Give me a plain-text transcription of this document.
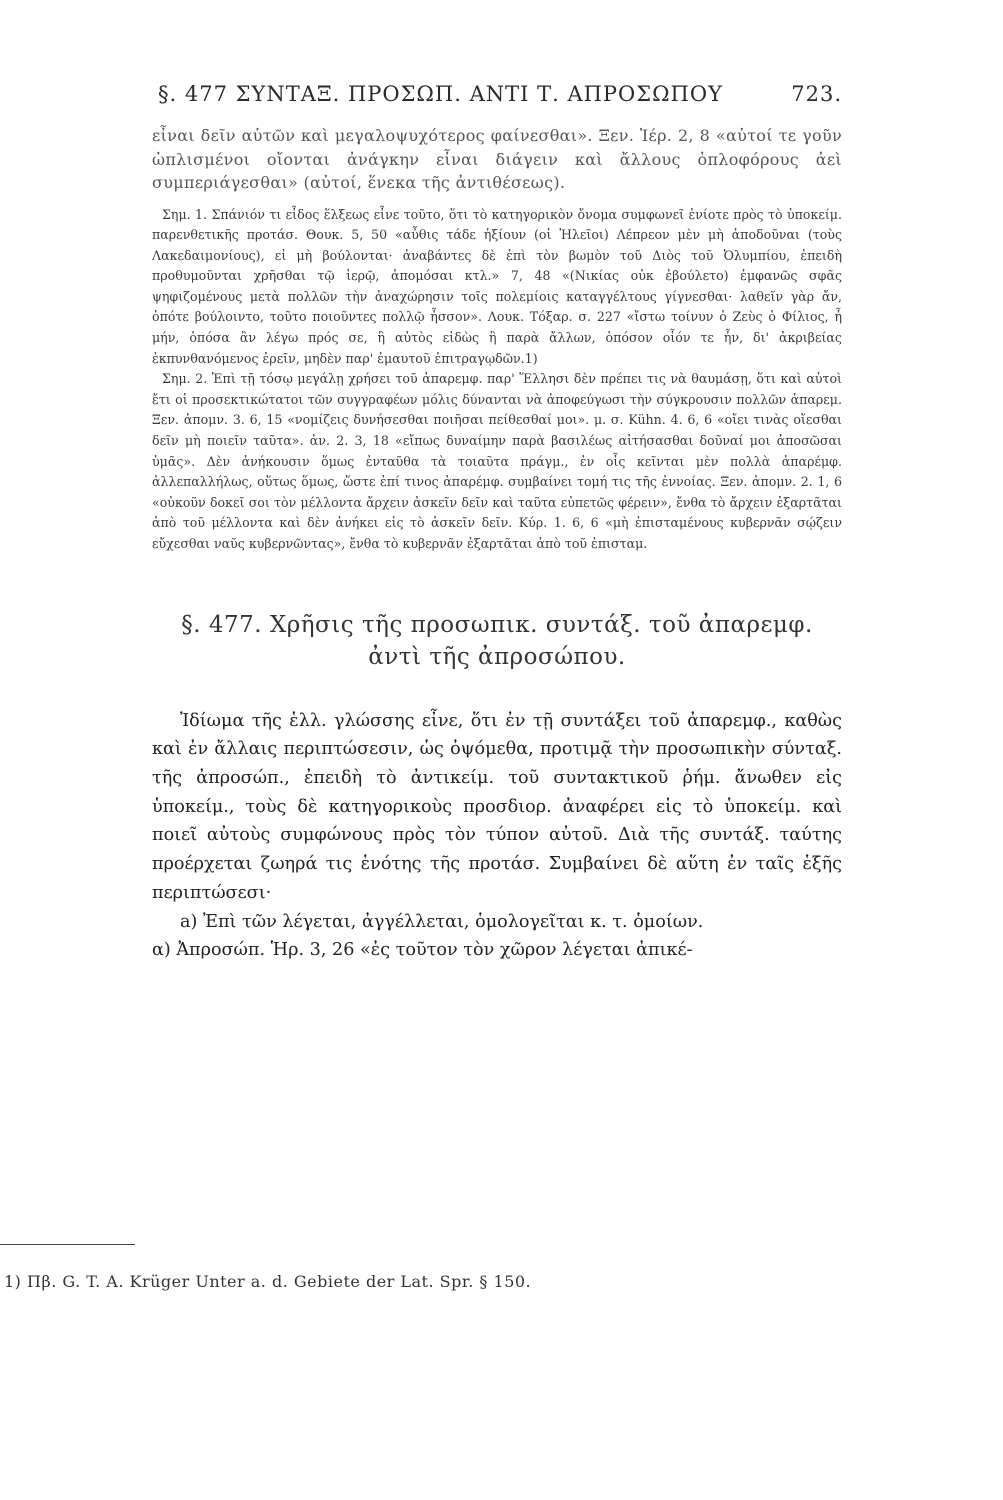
§. 477 ΣΥΝΤΑΞ. ΠΡΟΣΩΠ. ΑΝΤΙ Τ. ΑΠΡΟΣΩΠΟΥ	723.
εἶναι δεῖν αὐτῶν καὶ μεγαλοψυχότερος φαίνεσθαι». Ξεν. Ἱέρ. 2, 8 «αὐτοί τε γοῦν ὡπλισμένοι οἴονται ἀνάγκην εἶναι διάγειν καὶ ἄλλους ὁπλοφόρους ἀεὶ συμπεριάγεσθαι» (αὐτοί, ἕνεκα τῆς ἀντιθέσεως).

Σημ. 1. Σπάνιόν τι εἶδος ἕλξεως εἶνε τοῦτο, ὅτι τὸ κατηγορικὸν ὄνομα συμφωνεῖ ἐνίοτε πρὸς τὸ ὑποκείμ. παρενθετικῆς προτάσ. Θουκ. 5, 50 «αὖθις τάδε ἠξίουν (οἱ Ἠλεῖοι) Λέπρεον μὲν μὴ ἀποδοῦναι (τοὺς Λακεδαιμονίους), εἰ μὴ βούλονται· ἀναβάντες δὲ ἐπὶ τὸν βωμὸν τοῦ Διὸς τοῦ Ὀλυμπίου, ἐπειδὴ προθυμοῦνται χρῆσθαι τῷ ἱερῷ, ἀπομόσαι κτλ.» 7, 48 «(Νικίας οὐκ ἐβούλετο) ἐμφανῶς σφᾶς ψηφιζομένους μετὰ πολλῶν τὴν ἀναχώρησιν τοῖς πολεμίοις καταγγέλτους γίγνεσθαι· λαθεῖν γὰρ ἄν, ὁπότε βούλοιντο, τοῦτο ποιοῦντες πολλῷ ἧσσον». Λουκ. Τόξαρ. σ. 227 «ἴστω τοίνυν ὁ Ζεὺς ὁ Φίλιος, ἦ μήν, ὁπόσα ἂν λέγω πρός σε, ἢ αὐτὸς εἰδὼς ἢ παρὰ ἄλλων, ὁπόσον οἷόν τε ἦν, δι' ἀκριβείας ἐκπυνθανόμενος ἐρεῖν, μηδὲν παρ' ἐμαυτοῦ ἐπιτραγῳδῶν.1)

Σημ. 2. Ἐπὶ τῇ τόσῳ μεγάλῃ χρήσει τοῦ ἀπαρεμφ. παρ' Ἕλλησι δὲν πρέπει τις νὰ θαυμάσῃ, ὅτι καὶ αὐτοὶ ἔτι οἱ προσεκτικώτατοι τῶν συγγραφέων μόλις δύνανται νὰ ἀποφεύγωσι τὴν σύγκρουσιν πολλῶν ἀπαρεμ. Ξεν. ἀπομν. 3. 6, 15 «νομίζεις δυνήσεσθαι ποιῆσαι πείθεσθαί μοι». μ. σ. Kühn. 4. 6, 6 «οἴει τινὰς οἴεσθαι δεῖν μὴ ποιεῖν ταῦτα». ἀν. 2. 3, 18 «εἴπως δυναίμην παρὰ βασιλέως αἰτήσασθαι δοῦναί μοι ἀποσῶσαι ὑμᾶς». Δὲν ἀνήκουσιν ὅμως ἐνταῦθα τὰ τοιαῦτα πράγμ., ἐν οἷς κεῖνται μὲν πολλὰ ἀπαρέμφ. ἀλλεπαλλήλως, οὕτως ὅμως, ὥστε ἐπί τινος ἀπαρέμφ. συμβαίνει τομή τις τῆς ἐννοίας. Ξεν. ἀπομν. 2. 1, 6 «οὐκοῦν δοκεῖ σοι τὸν μέλλοντα ἄρχειν ἀσκεῖν δεῖν καὶ ταῦτα εὐπετῶς φέρειν», ἔνθα τὸ ἄρχειν ἐξαρτᾶται ἀπὸ τοῦ μέλλοντα καὶ δὲν ἀνήκει εἰς τὸ ἀσκεῖν δεῖν. Κύρ. 1. 6, 6 «μὴ ἐπισταμένους κυβερνᾶν σῴζειν εὔχεσθαι ναῦς κυβερνῶντας», ἔνθα τὸ κυβερνᾶν ἐξαρτᾶται ἀπὸ τοῦ ἐπισταμ.

§. 477. Χρῆσις τῆς προσωπικ. συντάξ. τοῦ ἀπαρεμφ.
ἀντὶ τῆς ἀπροσώπου.

Ἰδίωμα τῆς ἑλλ. γλώσσης εἶνε, ὅτι ἐν τῇ συντάξει τοῦ ἀπαρεμφ., καθὼς καὶ ἐν ἄλλαις περιπτώσεσιν, ὡς ὀψόμεθα, προτιμᾷ τὴν προσωπικὴν σύνταξ. τῆς ἀπροσώπ., ἐπειδὴ τὸ ἀντικείμ. τοῦ συντακτικοῦ ῥήμ. ἄνωθεν εἰς ὑποκείμ., τοὺς δὲ κατηγορικοὺς προσδιορ. ἀναφέρει εἰς τὸ ὑποκείμ. καὶ ποιεῖ αὐτοὺς συμφώνους πρὸς τὸν τύπον αὐτοῦ. Διὰ τῆς συντάξ. ταύτης προέρχεται ζωηρά τις ἑνότης τῆς προτάσ. Συμβαίνει δὲ αὕτη ἐν ταῖς ἑξῆς περιπτώσεσι·

a) Ἐπὶ τῶν λέγεται, ἀγγέλλεται, ὁμολογεῖται κ. τ. ὁμοίων.

α) Ἀπροσώπ. Ἡρ. 3, 26 «ἐς τοῦτον τὸν χῶρον λέγεται ἀπικέ-

1) Πβ. G. T. A. Krüger Unter a. d. Gebiete der Lat. Spr. § 150.
